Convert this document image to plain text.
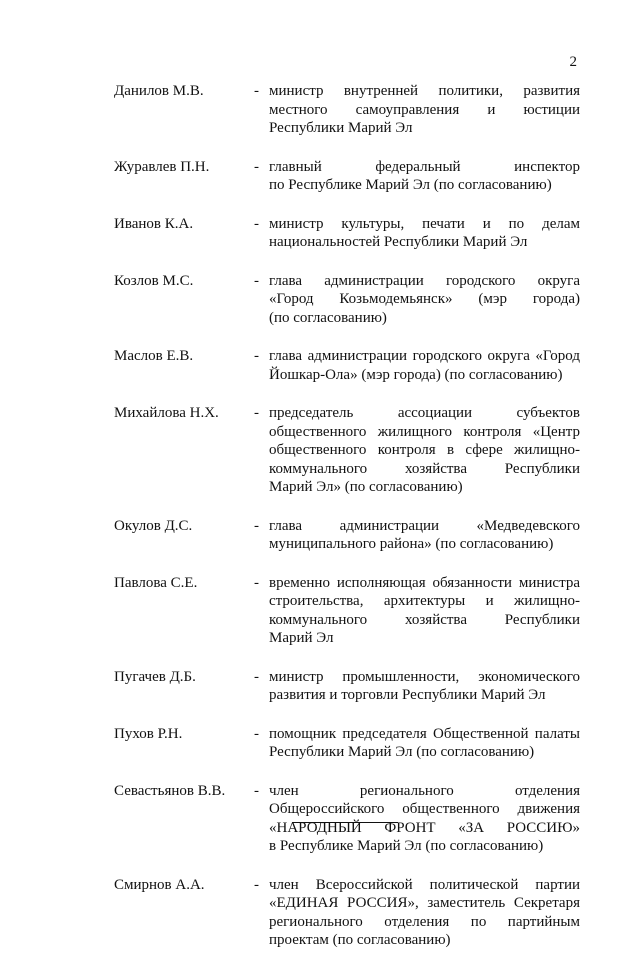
2
Данилов М.В.	- министр внутренней политики, развития
местного самоуправления и юстиции
Республики Марий Эл
Журавлев П.Н.	- главный федеральный инспектор
по Республике Марий Эл (по согласованию)
Иванов К.А.	- министр культуры, печати и по делам
национальностей Республики Марий Эл
Козлов М.С.	- глава администрации городского округа
«Город Козьмодемьянск» (мэр города)
(по согласованию)
Маслов Е.В.	- глава администрации городского округа «Город
Йошкар-Ола» (мэр города) (по согласованию)
Михайлова Н.Х.	- председатель ассоциации субъектов
общественного жилищного контроля «Центр
общественного контроля в сфере жилищно-
коммунального хозяйства Республики
Марий Эл» (по согласованию)
Окулов Д.С.	- глава администрации «Медведевского
муниципального района» (по согласованию)
Павлова С.Е.	- временно исполняющая обязанности министра
строительства, архитектуры и жилищно-
коммунального хозяйства Республики
Марий Эл
Пугачев Д.Б.	- министр промышленности, экономического
развития и торговли Республики Марий Эл
Пухов Р.Н.	- помощник председателя Общественной палаты
Республики Марий Эл (по согласованию)
Севастьянов В.В.	- член регионального отделения
Общероссийского общественного движения
«НАРОДНЫЙ ФРОНТ «ЗА РОССИЮ»
в Республике Марий Эл (по согласованию)
Смирнов А.А.	- член Всероссийской политической партии
«ЕДИНАЯ РОССИЯ», заместитель Секретаря
регионального отделения по партийным
проектам (по согласованию)
